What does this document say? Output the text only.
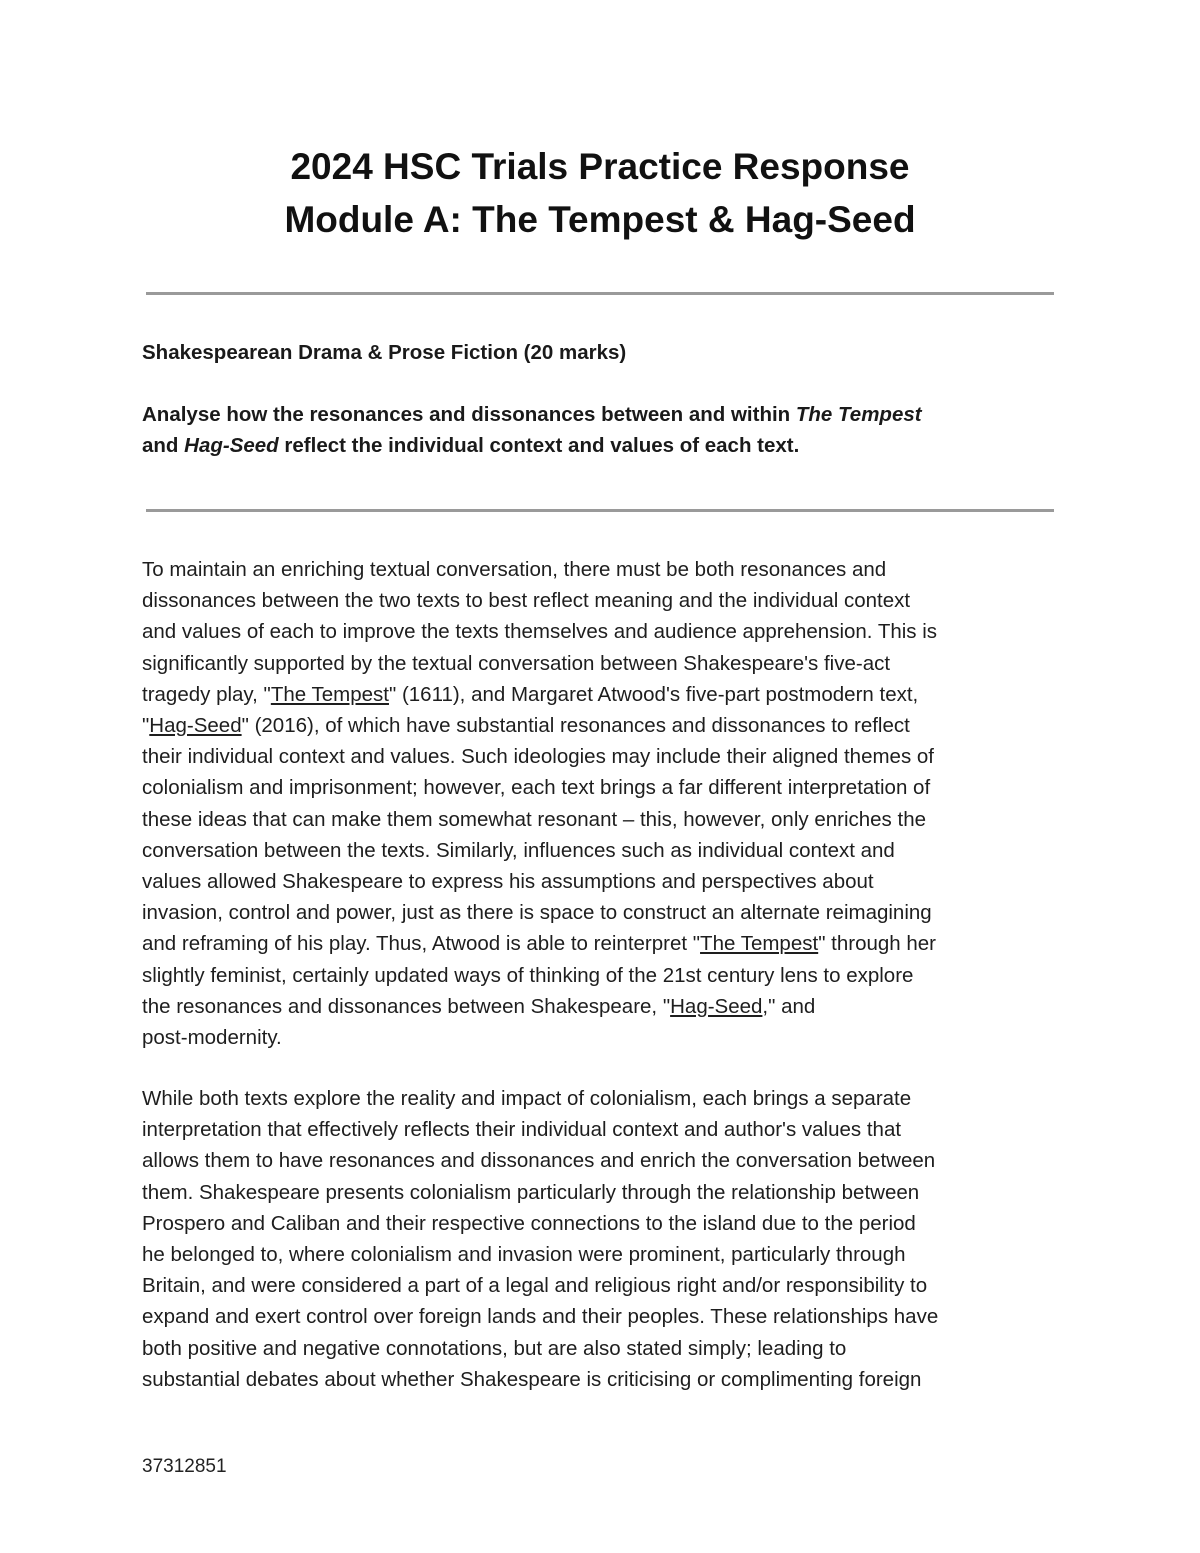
2024 HSC Trials Practice Response
Module A: The Tempest & Hag-Seed
Shakespearean Drama & Prose Fiction (20 marks)
Analyse how the resonances and dissonances between and within The Tempest
and Hag-Seed reflect the individual context and values of each text.
To maintain an enriching textual conversation, there must be both resonances and
dissonances between the two texts to best reflect meaning and the individual context
and values of each to improve the texts themselves and audience apprehension. This is
significantly supported by the textual conversation between Shakespeare's five-act
tragedy play, "The Tempest" (1611), and Margaret Atwood's five-part postmodern text,
"Hag-Seed" (2016), of which have substantial resonances and dissonances to reflect
their individual context and values. Such ideologies may include their aligned themes of
colonialism and imprisonment; however, each text brings a far different interpretation of
these ideas that can make them somewhat resonant – this, however, only enriches the
conversation between the texts. Similarly, influences such as individual context and
values allowed Shakespeare to express his assumptions and perspectives about
invasion, control and power, just as there is space to construct an alternate reimagining
and reframing of his play. Thus, Atwood is able to reinterpret "The Tempest" through her
slightly feminist, certainly updated ways of thinking of the 21st century lens to explore
the resonances and dissonances between Shakespeare, "Hag-Seed," and
post-modernity.
While both texts explore the reality and impact of colonialism, each brings a separate
interpretation that effectively reflects their individual context and author's values that
allows them to have resonances and dissonances and enrich the conversation between
them. Shakespeare presents colonialism particularly through the relationship between
Prospero and Caliban and their respective connections to the island due to the period
he belonged to, where colonialism and invasion were prominent, particularly through
Britain, and were considered a part of a legal and religious right and/or responsibility to
expand and exert control over foreign lands and their peoples. These relationships have
both positive and negative connotations, but are also stated simply; leading to
substantial debates about whether Shakespeare is criticising or complimenting foreign
37312851
